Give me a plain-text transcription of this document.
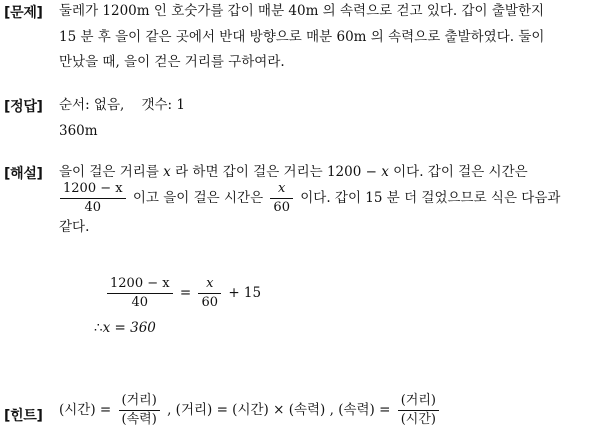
[문제] 둘레가 1200m 인 호숫가를 갑이 매분 40m 의 속력으로 걷고 있다. 갑이 출발한지
15 분 후 을이 같은 곳에서 반대 방향으로 매분 60m 의 속력으로 출발하였다. 둘이
만났을 때, 을이 걷은 거리를 구하여라.
[정답] 순서: 없음, 갯수: 1
360m
[해설] 을이 걸은 거리를 x 라 하면 갑이 걸은 거리는 1200 − x 이다. 갑이 걸은 시간은
$\frac{1200 - x}{40}$ 이고 을이 걸은 시간은 $\frac{x}{60}$ 이다. 갑이 15 분 더 걸었으므로 식은 다음과
같다.
$\frac{1200 - x}{40} = \frac{x}{60} + 15$
∴x = 360
[힌트] (시간) = $\frac{\text{(거리)}}{\text{(속력)}}$ , (거리) = (시간) × (속력) , (속력) = $\frac{\text{(거리)}}{\text{(시간)}}$
